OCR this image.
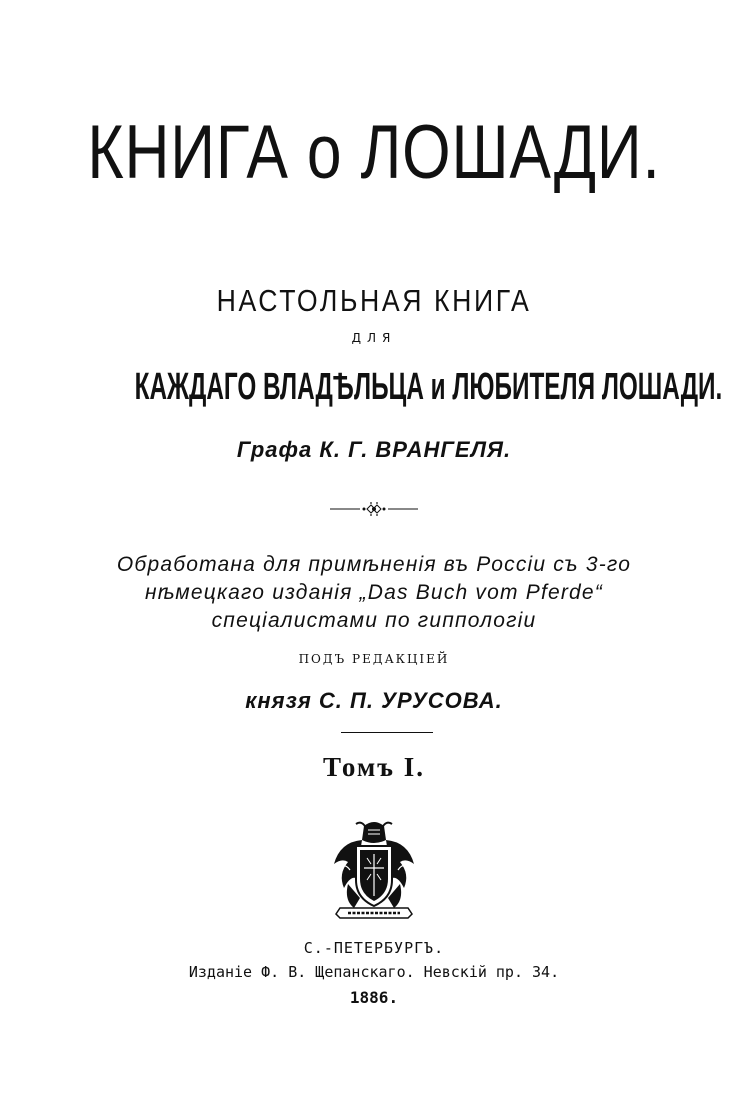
КНИГА о ЛОШАДИ.
НАСТОЛЬНАЯ КНИГА
ДЛЯ
КАЖДАГО ВЛАДѢЛЬЦА и ЛЮБИТЕЛЯ ЛОШАДИ.
Графа К. Г. ВРАНГЕЛЯ.
Обработана для примѣненія въ Россіи съ 3-го
нѣмецкаго изданія „Das Buch vom Pferde“
спеціалистами по гиппологіи
ПОДЪ РЕДАКЦІЕЙ
князя С. П. УРУСОВА.
Томъ I.
С.-ПЕТЕРБУРГЪ.
Изданіе Ф. В. Щепанскаго. Невскій пр. 34.
1886.
